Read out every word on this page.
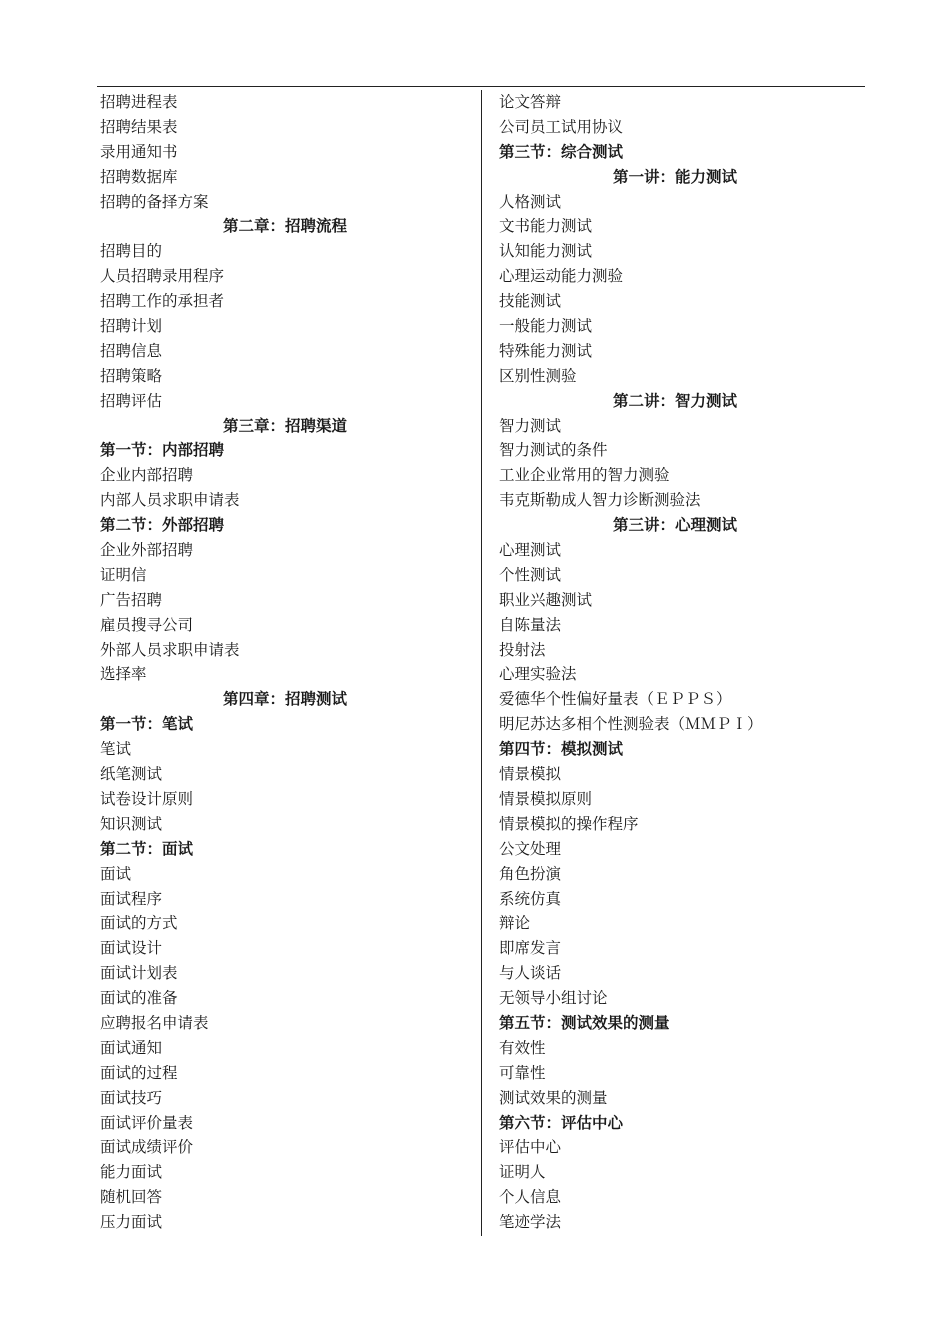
招聘进程表
招聘结果表
录用通知书
招聘数据库
招聘的备择方案
第二章：招聘流程
招聘目的
人员招聘录用程序
招聘工作的承担者
招聘计划
招聘信息
招聘策略
招聘评估
第三章：招聘渠道
第一节：内部招聘
企业内部招聘
内部人员求职申请表
第二节：外部招聘
企业外部招聘
证明信
广告招聘
雇员搜寻公司
外部人员求职申请表
选择率
第四章：招聘测试
第一节：笔试
笔试
纸笔测试
试卷设计原则
知识测试
第二节：面试
面试
面试程序
面试的方式
面试设计
面试计划表
面试的准备
应聘报名申请表
面试通知
面试的过程
面试技巧
面试评价量表
面试成绩评价
能力面试
随机回答
压力面试
论文答辩
公司员工试用协议
第三节：综合测试
第一讲：能力测试
人格测试
文书能力测试
认知能力测试
心理运动能力测验
技能测试
一般能力测试
特殊能力测试
区别性测验
第二讲：智力测试
智力测试
智力测试的条件
工业企业常用的智力测验
韦克斯勒成人智力诊断测验法
第三讲：心理测试
心理测试
个性测试
职业兴趣测试
自陈量法
投射法
心理实验法
爱德华个性偏好量表（ＥＰＰＳ）
明尼苏达多相个性测验表（ＭＭＰＩ）
第四节：模拟测试
情景模拟
情景模拟原则
情景模拟的操作程序
公文处理
角色扮演
系统仿真
辩论
即席发言
与人谈话
无领导小组讨论
第五节：测试效果的测量
有效性
可靠性
测试效果的测量
第六节：评估中心
评估中心
证明人
个人信息
笔迹学法
